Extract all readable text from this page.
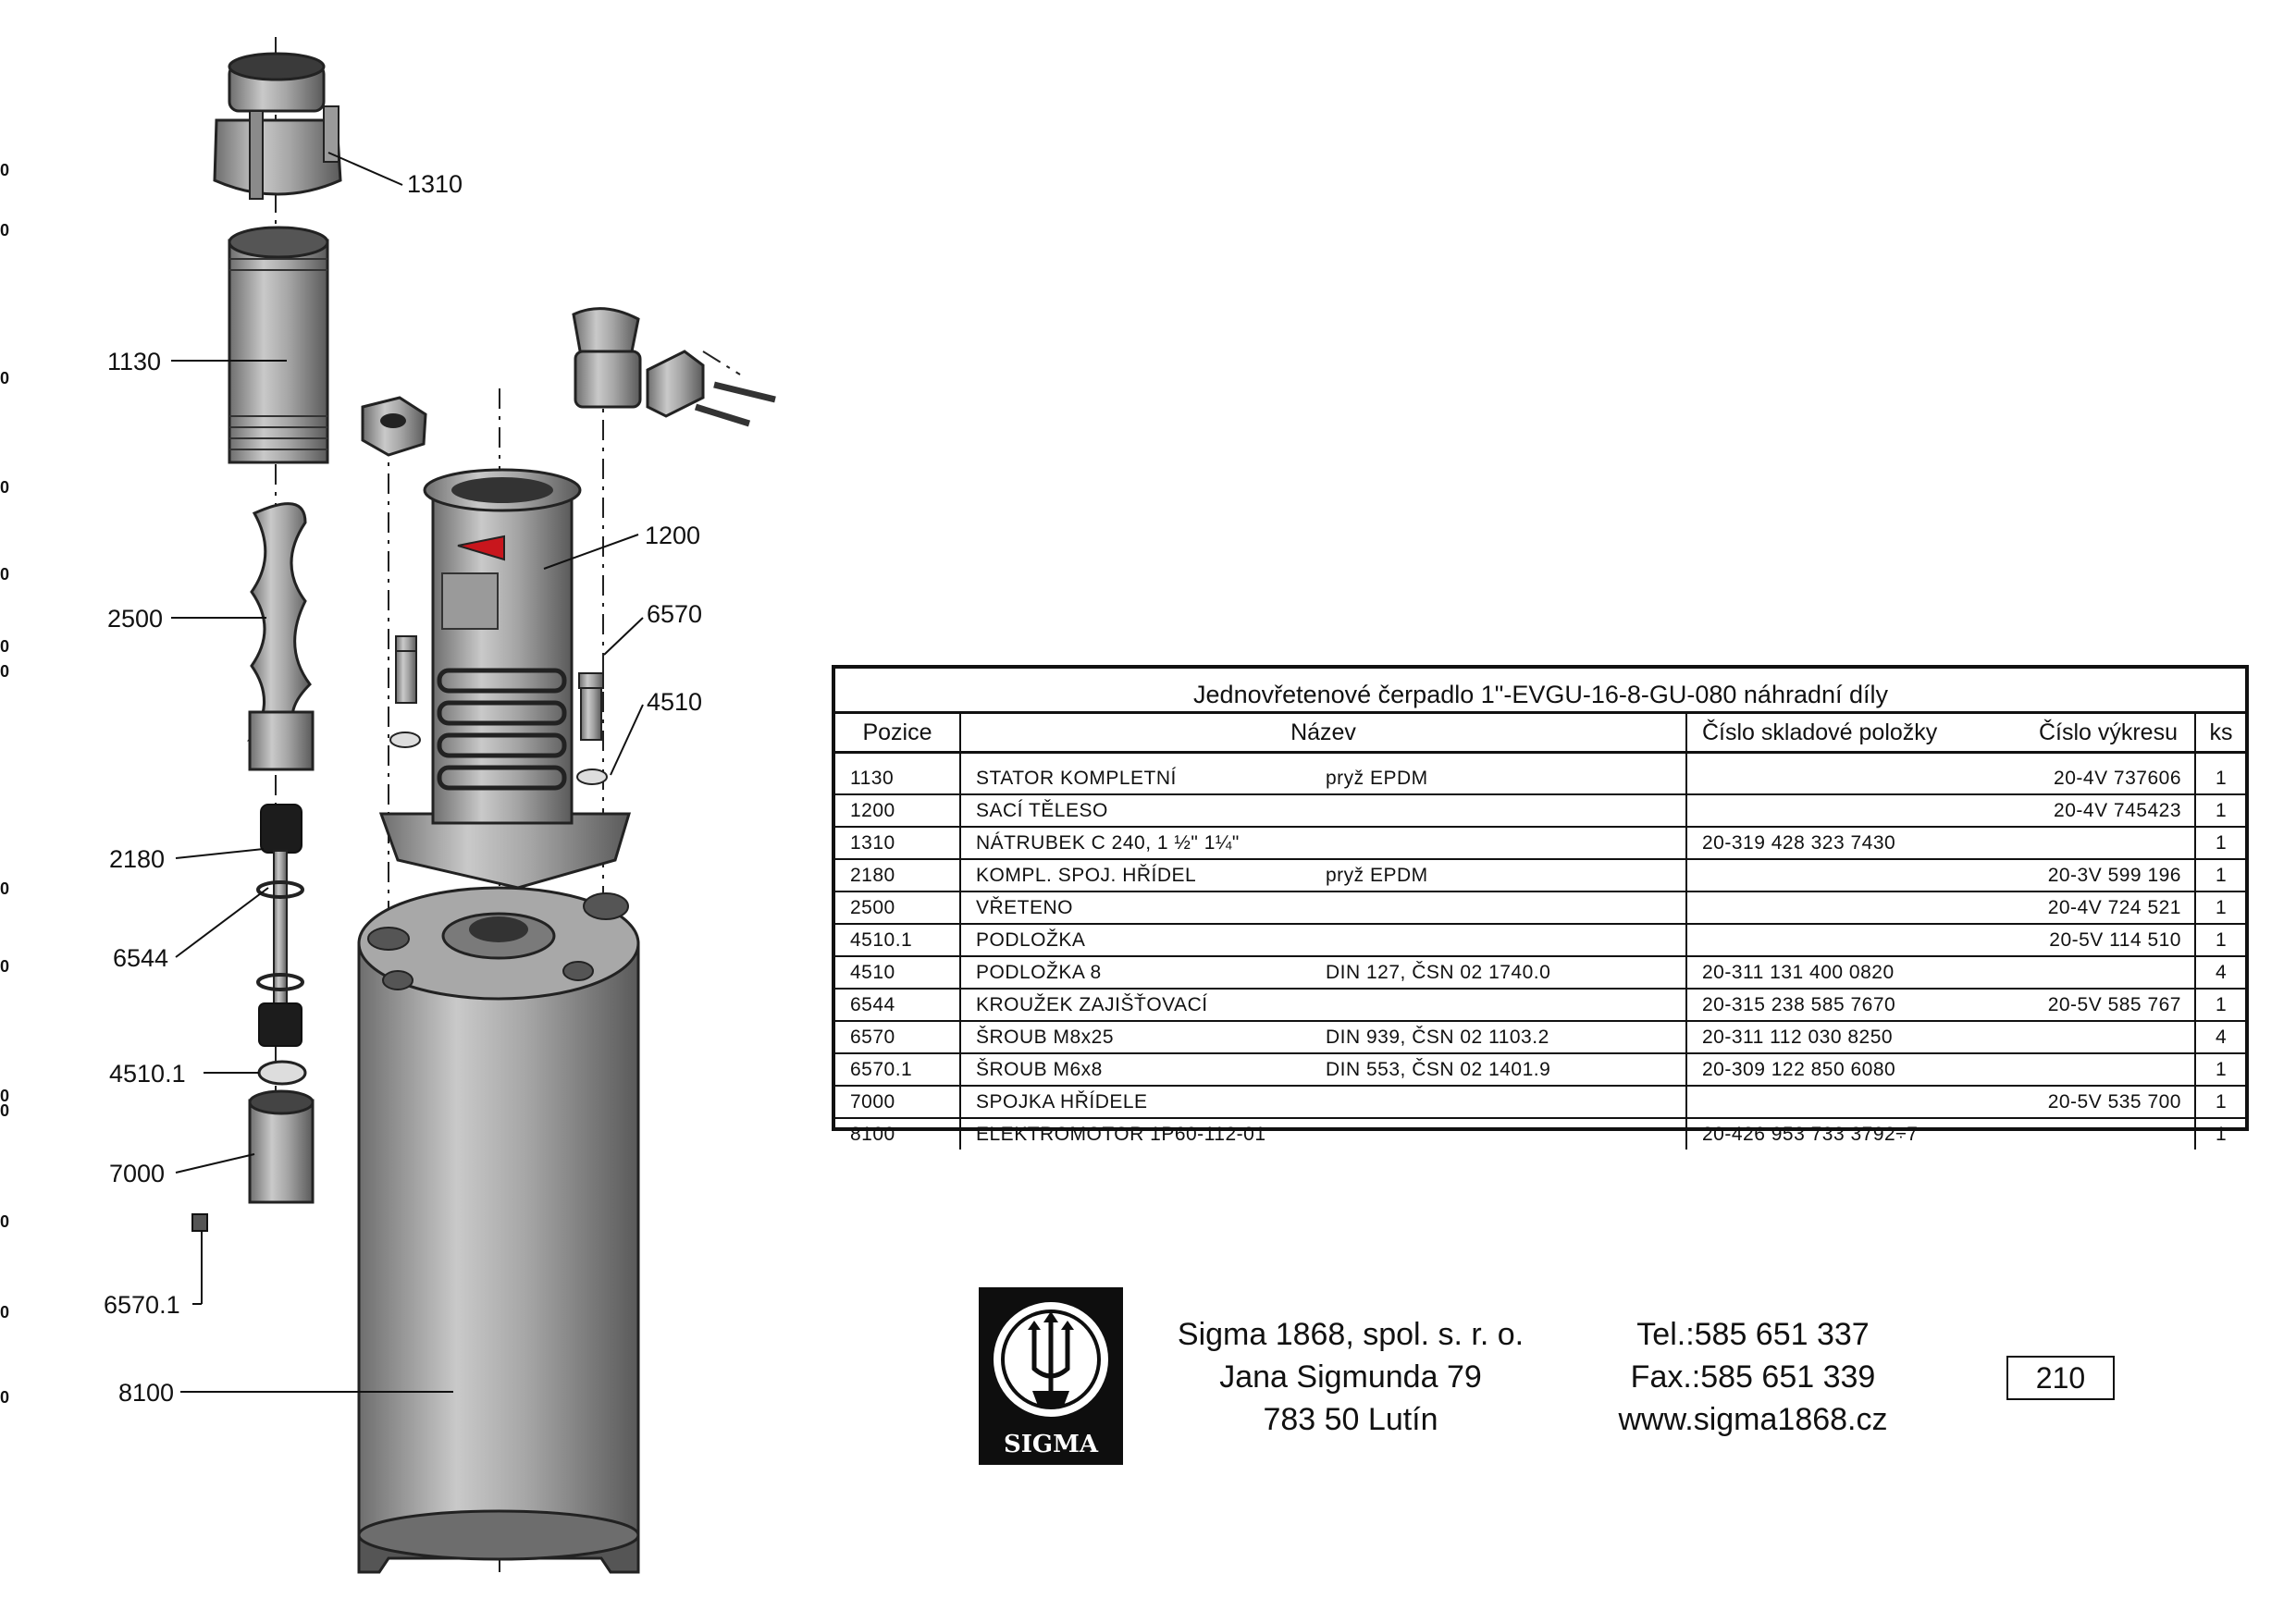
1310
1130
1200
2500	6570
4510
2180
6544
4510.1
7000
6570.1
8100
0
0
0
0
0
0
0
0
0
0
0
0
0
0
Jednovřetenové čerpadlo 1"-EVGU-16-8-GU-080 náhradní díly					
Pozice	Název		Číslo skladové položky	Číslo výkresu	ks

1130	STATOR KOMPLETNÍ	pryž EPDM		20-4V 737606	1
1200	SACÍ TĚLESO			20-4V 745423	1
1310	NÁTRUBEK C 240, 1 ½" 1¼"		20-319 428 323 7430		1
2180	KOMPL. SPOJ. HŘÍDEL	pryž EPDM		20-3V 599 196	1
2500	VŘETENO			20-4V 724 521	1
4510.1	PODLOŽKA			20-5V 114 510	1
4510	PODLOŽKA 8	DIN 127, ČSN 02 1740.0	20-311 131 400 0820		4
6544	KROUŽEK ZAJIŠŤOVACÍ		20-315 238 585 7670	20-5V 585 767	1
6570	ŠROUB M8x25	DIN 939, ČSN 02 1103.2	20-311 112 030 8250		4
6570.1	ŠROUB M6x8	DIN 553, ČSN 02 1401.9	20-309 122 850 6080		1
7000	SPOJKA HŘÍDELE			20-5V 535 700	1
8100	ELEKTROMOTOR 1P60-112-01		20-426 953 733 3792÷7		1
SIGMA
Sigma 1868, spol. s. r. o.
Jana Sigmunda 79
783 50 Lutín
Tel.:585 651 337
Fax.:585 651 339
www.sigma1868.cz
210
